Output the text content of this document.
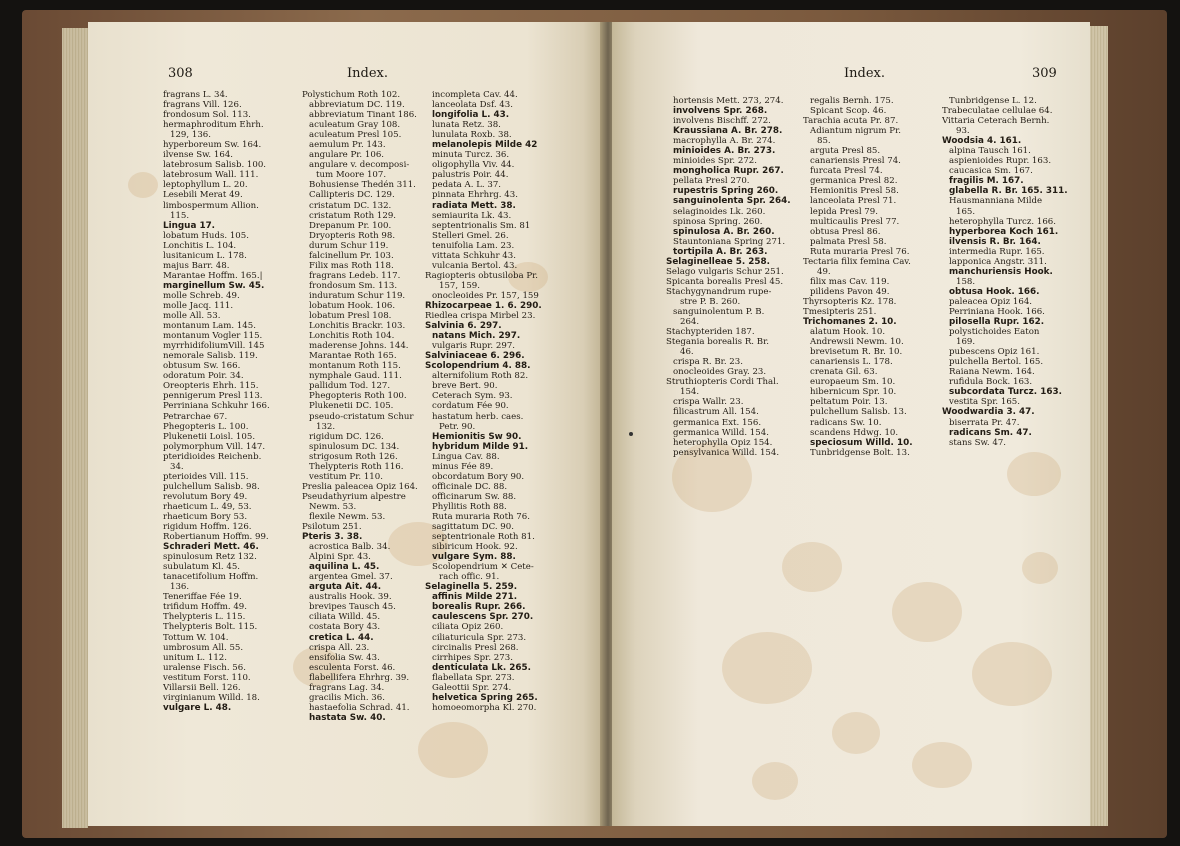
308	Index.
fragrans L. 34.
fragrans Vill. 126.
frondosum Sol. 113.
hermaphroditum Ehrh.
129, 136.
hyperboreum Sw. 164.
ilvense Sw. 164.
latebrosum Salisb. 100.
latebrosum Wall. 111.
leptophyllum L. 20.
Lesebili Merat 49.
limbospermum Allion.
115.
Lingua 17.
lobatum Huds. 105.
Lonchitis L. 104.
lusitanicum L. 178.
majus Barr. 48.
Marantae Hoffm. 165.|
marginellum Sw. 45.
molle Schreb. 49.
molle Jacq. 111.
molle All. 53.
montanum Lam. 145.
montanum Vogler 115.
myrrhidifoliumVill. 145
nemorale Salisb. 119.
obtusum Sw. 166.
odoratum Poir. 34.
Oreopteris Ehrh. 115.
pennigerum Presl 113.
Perriniana Schkuhr 166.
Petrarchae 67.
Phegopteris L. 100.
Plukenetii Loisl. 105.
polymorphum Vill. 147.
pteridioides Reichenb.
34.
pterioides Vill. 115.
pulchellum Salisb. 98.
revolutum Bory 49.
rhaeticum L. 49, 53.
rhaeticum Bory 53.
rigidum Hoffm. 126.
Robertianum Hoffm. 99.
Schraderi Mett. 46.
spinulosum Retz 132.
subulatum Kl. 45.
tanacetifolium Hoffm.
136.
Teneriffae Fée 19.
trifidum Hoffm. 49.
Thelypteris L. 115.
Thelypteris Bolt. 115.
Tottum W. 104.
umbrosum All. 55.
unitum L. 112.
uralense Fisch. 56.
vestitum Forst. 110.
Villarsii Bell. 126.
virginianum Willd. 18.
vulgare L. 48.
Polystichum Roth 102.
abbreviatum DC. 119.
abbreviatum Tinant 186.
aculeatum Gray 108.
aculeatum Presl 105.
aemulum Pr. 143.
angulare Pr. 106.
angulare v. decomposi-
tum Moore 107.
Bohusiense Thedén 311.
Callipteris DC. 129.
cristatum DC. 132.
cristatum Roth 129.
Drepanum Pr. 100.
Dryopteris Roth 98.
durum Schur 119.
falcinellum Pr. 103.
Filix mas Roth 118.
fragrans Ledeb. 117.
frondosum Sm. 113.
induratum Schur 119.
lobatum Hook. 106.
lobatum Presl 108.
Lonchitis Brackr. 103.
Lonchitis Roth 104.
maderense Johns. 144.
Marantae Roth 165.
montanum Roth 115.
nymphale Gaud. 111.
pallidum Tod. 127.
Phegopteris Roth 100.
Plukenetii DC. 105.
pseudo-cristatum Schur
132.
rigidum DC. 126.
spinulosum DC. 134.
strigosum Roth 126.
Thelypteris Roth 116.
vestitum Pr. 110.
Preslia paleacea Opiz 164.
Pseudathyrium alpestre
Newm. 53.
flexile Newm. 53.
Psilotum 251.
Pteris 3. 38.
acrostica Balb. 34.
Alpini Spr. 43.
aquilina L. 45.
argentea Gmel. 37.
arguta Ait. 44.
australis Hook. 39.
brevipes Tausch 45.
ciliata Willd. 45.
costata Bory 43.
cretica L. 44.
crispa All. 23.
ensifolia Sw. 43.
esculenta Forst. 46.
flabellifera Ehrhrg. 39.
fragrans Lag. 34.
gracilis Mich. 36.
hastaefolia Schrad. 41.
hastata Sw. 40.
incompleta Cav. 44.
lanceolata Dsf. 43.
longifolia L. 43.
lunata Retz. 38.
lunulata Roxb. 38.
melanolepis Milde 42
minuta Turcz. 36.
oligophylla Viv. 44.
palustris Poir. 44.
pedata A. L. 37.
pinnata Ehrhrg. 43.
radiata Mett. 38.
semiaurita Lk. 43.
septentrionalis Sm. 81
Stelleri Gmel. 26.
tenuifolia Lam. 23.
vittata Schkuhr 43.
vulcania Bertol. 43.
Ragiopteris obtusiloba Pr.
157, 159.
onocleoides Pr. 157, 159
Rhizocarpeae 1. 6. 290.
Riedlea crispa Mirbel 23.
Salvinia 6. 297.
natans Mich. 297.
vulgaris Rupr. 297.
Salviniaceae 6. 296.
Scolopendrium 4. 88.
alternifolium Roth 82.
breve Bert. 90.
Ceterach Sym. 93.
cordatum Fée 90.
hastatum herb. caes.
Petr. 90.
Hemionitis Sw 90.
hybridum Milde 91.
Lingua Cav. 88.
minus Fée 89.
obcordatum Bory 90.
officinale DC. 88.
officinarum Sw. 88.
Phyllitis Roth 88.
Ruta muraria Roth 76.
sagittatum DC. 90.
septentrionale Roth 81.
sibiricum Hook. 92.
vulgare Sym. 88.
Scolopendrium ✕ Cete-
rach offic. 91.
Selaginella 5. 259.
affinis Milde 271.
borealis Rupr. 266.
caulescens Spr. 270.
ciliata Opiz 260.
ciliaturicula Spr. 273.
circinalis Presl 268.
cirrhipes Spr. 273.
denticulata Lk. 265.
flabellata Spr. 273.
Galeottii Spr. 274.
helvetica Spring 265.
homoeomorpha Kl. 270.
Index.	309
hortensis Mett. 273, 274.
involvens Spr. 268.
involvens Bischff. 272.
Kraussiana A. Br. 278.
macrophylla A. Br. 274.
minioides A. Br. 273.
minioides Spr. 272.
mongholica Rupr. 267.
pellata Presl 270.
rupestris Spring 260.
sanguinolenta Spr. 264.
selaginoides Lk. 260.
spinosa Spring. 260.
spinulosa A. Br. 260.
Stauntoniana Spring 271.
tortipila A. Br. 263.
Selaginelleae 5. 258.
Selago vulgaris Schur 251.
Spicanta borealis Presl 45.
Stachygynandrum rupe-
stre P. B. 260.
sanguinolentum P. B.
264.
Stachypteriden 187.
Stegania borealis R. Br.
46.
crispa R. Br. 23.
onocleoides Gray. 23.
Struthiopteris Cordi Thal.
154.
crispa Wallr. 23.
filicastrum All. 154.
germanica Ext. 156.
germanica Willd. 154.
heterophylla Opiz 154.
pensylvanica Willd. 154.
regalis Bernh. 175.
Spicant Scop. 46.
Tarachia acuta Pr. 87.
Adiantum nigrum Pr.
85.
arguta Presl 85.
canariensis Presl 74.
furcata Presl 74.
germanica Presl 82.
Hemionitis Presl 58.
lanceolata Presl 71.
lepida Presl 79.
multicaulis Presl 77.
obtusa Presl 86.
palmata Presl 58.
Ruta muraria Presl 76.
Tectaria filix femina Cav.
49.
filix mas Cav. 119.
pilidens Pavon 49.
Thyrsopteris Kz. 178.
Tmesipteris 251.
Trichomanes 2. 10.
alatum Hook. 10.
Andrewsii Newm. 10.
brevisetum R. Br. 10.
canariensis L. 178.
crenata Gil. 63.
europaeum Sm. 10.
hibernicum Spr. 10.
peltatum Poir. 13.
pulchellum Salisb. 13.
radicans Sw. 10.
scandens Hdwg. 10.
speciosum Willd. 10.
Tunbridgense Bolt. 13.
Tunbridgense L. 12.
Trabeculatae cellulae 64.
Vittaria Ceterach Bernh.
93.
Woodsia 4. 161.
alpina Tausch 161.
aspienioides Rupr. 163.
caucasica Sm. 167.
fragilis M. 167.
glabella R. Br. 165. 311.
Hausmanniana Milde
165.
heterophylla Turcz. 166.
hyperborea Koch 161.
ilvensis R. Br. 164.
intermedia Rupr. 165.
lapponica Angstr. 311.
manchuriensis Hook.
158.
obtusa Hook. 166.
paleacea Opiz 164.
Perriniana Hook. 166.
pilosella Rupr. 162.
polystichoides Eaton
169.
pubescens Opiz 161.
pulchella Bertol. 165.
Raiana Newm. 164.
rufidula Bock. 163.
subcordata Turcz. 163.
vestita Spr. 165.
Woodwardia 3. 47.
biserrata Pr. 47.
radicans Sm. 47.
stans Sw. 47.
